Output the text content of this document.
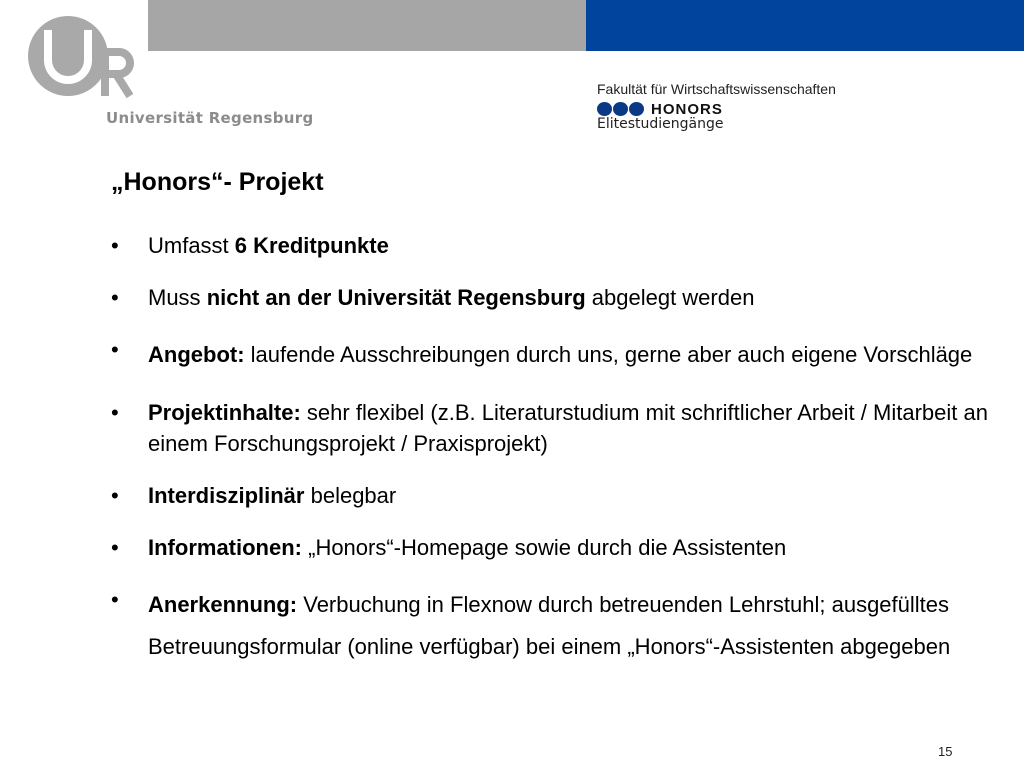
Universität Regensburg
Fakultät für Wirtschaftswissenschaften
HONORS
Elitestudiengänge
„Honors“- Projekt
• Umfasst 6 Kreditpunkte
• Muss nicht an der Universität Regensburg abgelegt werden
• Angebot: laufende Ausschreibungen durch uns, gerne aber auch eigene Vorschläge
• Projektinhalte: sehr flexibel (z.B. Literaturstudium mit schriftlicher Arbeit / Mitarbeit an einem Forschungsprojekt / Praxisprojekt)
• Interdisziplinär belegbar
• Informationen: „Honors“-Homepage sowie durch die Assistenten
• Anerkennung: Verbuchung in Flexnow durch betreuenden Lehrstuhl; ausgefülltes Betreuungsformular (online verfügbar) bei einem „Honors“-Assistenten abgegeben
15
